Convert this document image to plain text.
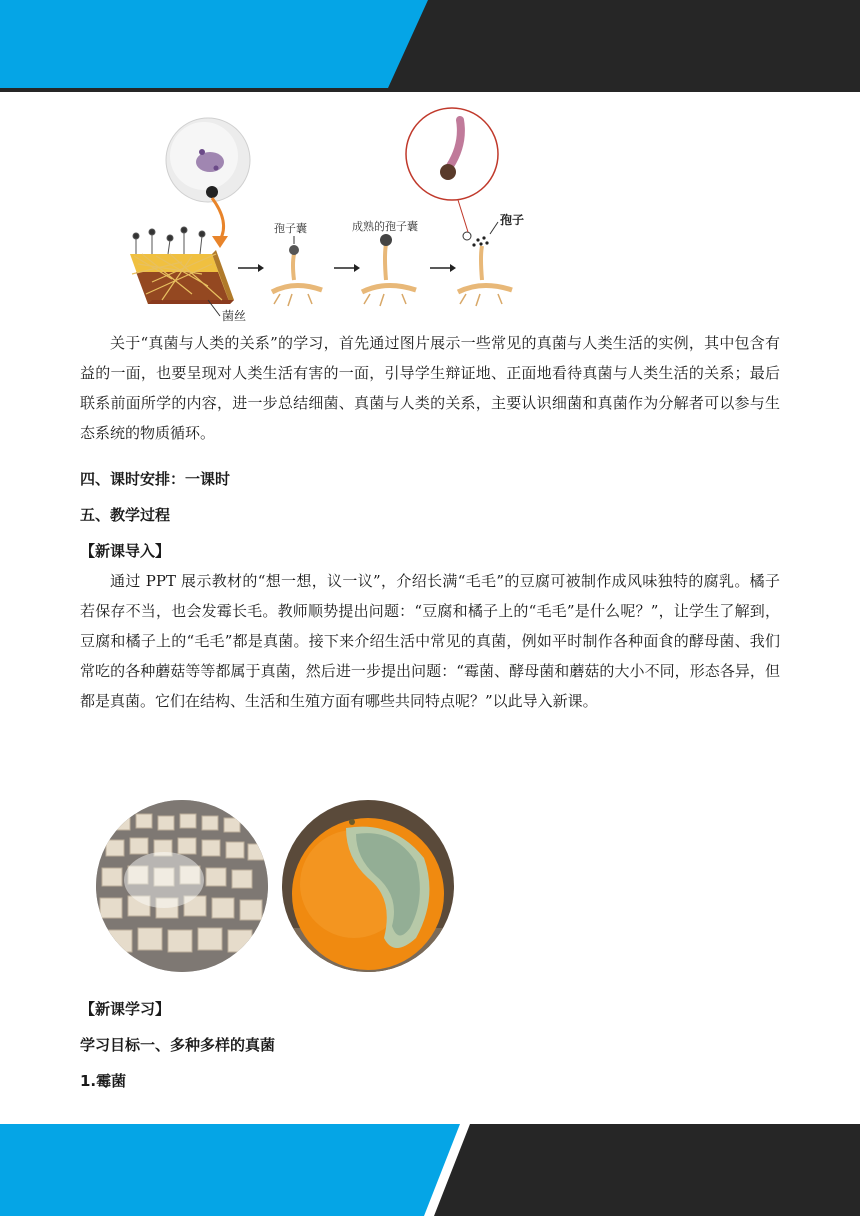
菌丝
孢子囊	成熟的孢子囊	孢子

关于“真菌与人类的关系”的学习，首先通过图片展示一些常见的真菌与人类生活的实例，其中包含有益的一面，也要呈现对人类生活有害的一面，引导学生辩证地、正面地看待真菌与人类生活的关系；最后联系前面所学的内容，进一步总结细菌、真菌与人类的关系，主要认识细菌和真菌作为分解者可以参与生态系统的物质循环。

四、课时安排：一课时

五、教学过程

【新课导入】

通过 PPT 展示教材的“想一想，议一议”，介绍长满“毛毛”的豆腐可被制作成风味独特的腐乳。橘子若保存不当，也会发霉长毛。教师顺势提出问题：“豆腐和橘子上的“毛毛”是什么呢？”，让学生了解到，豆腐和橘子上的“毛毛”都是真菌。接下来介绍生活中常见的真菌，例如平时制作各种面食的酵母菌、我们常吃的各种蘑菇等等都属于真菌，然后进一步提出问题：“霉菌、酵母菌和蘑菇的大小不同，形态各异，但都是真菌。它们在结构、生活和生殖方面有哪些共同特点呢？”以此导入新课。

【新课学习】

学习目标一、多种多样的真菌

1.霉菌
